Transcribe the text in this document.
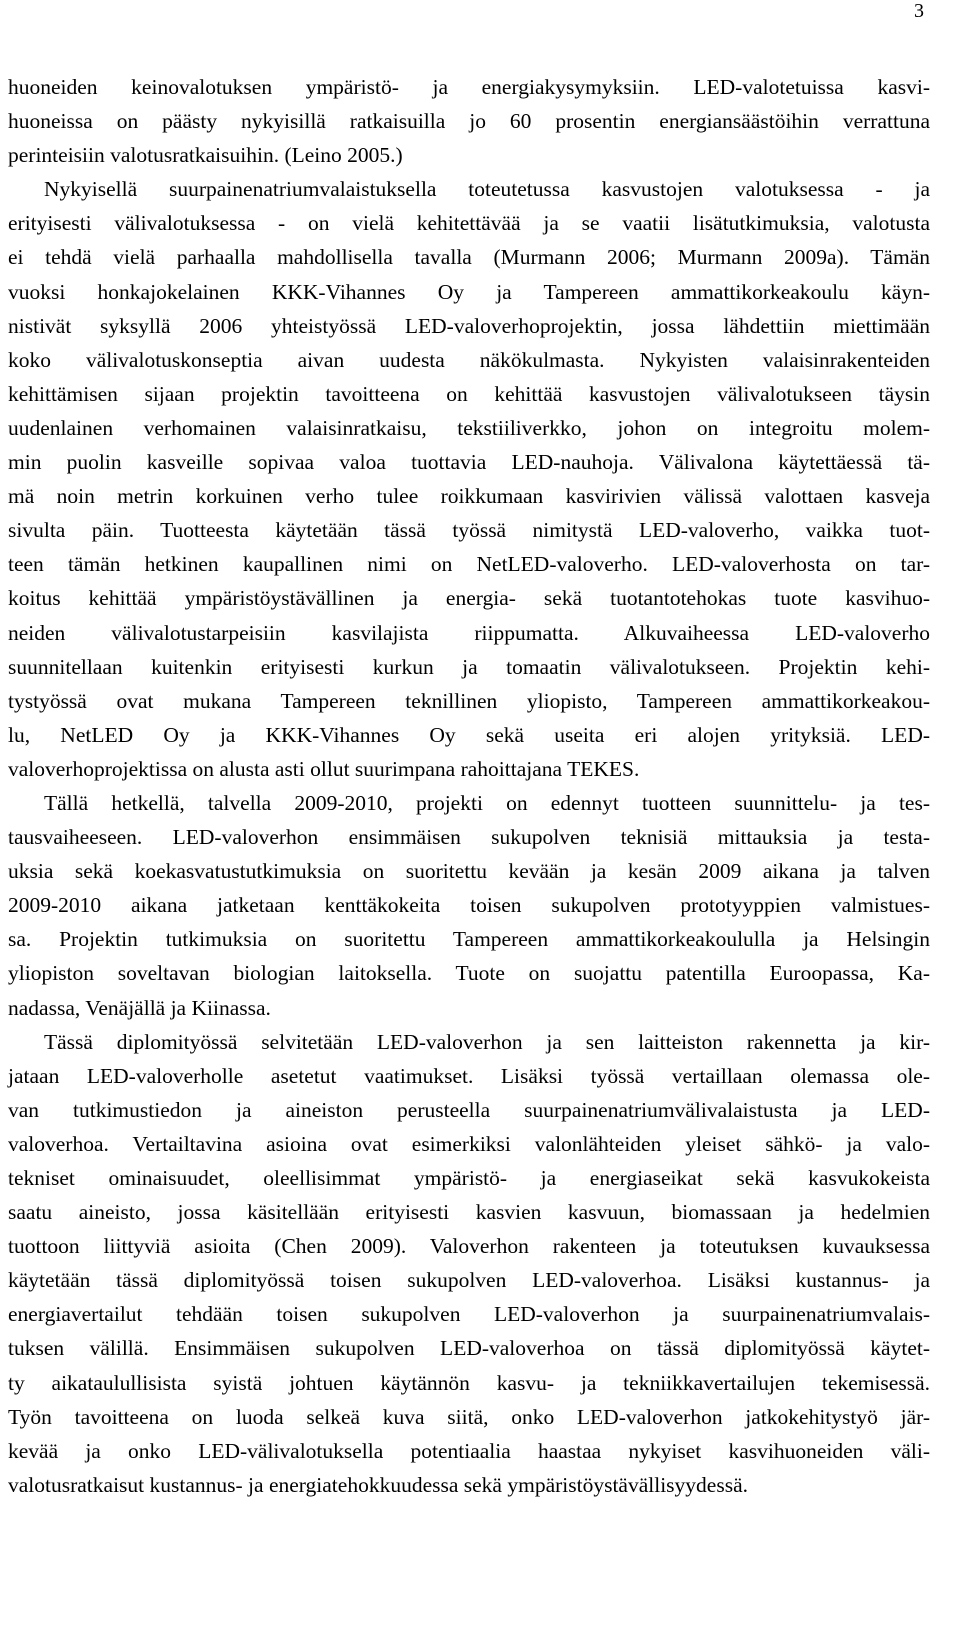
3
huoneiden keinovalotuksen ympäristö- ja energiakysymyksiin. LED-valotetuissa kasvi-
huoneissa on päästy nykyisillä ratkaisuilla jo 60 prosentin energiansäästöihin verrattuna
perinteisiin valotusratkaisuihin. (Leino 2005.)
Nykyisellä suurpainenatriumvalaistuksella toteutetussa kasvustojen valotuksessa - ja
erityisesti välivalotuksessa - on vielä kehitettävää ja se vaatii lisätutkimuksia, valotusta
ei tehdä vielä parhaalla mahdollisella tavalla (Murmann 2006; Murmann 2009a). Tämän
vuoksi honkajokelainen KKK-Vihannes Oy ja Tampereen ammattikorkeakoulu käyn-
nistivät syksyllä 2006 yhteistyössä LED-valoverhoprojektin, jossa lähdettiin miettimään
koko välivalotuskonseptia aivan uudesta näkökulmasta. Nykyisten valaisinrakenteiden
kehittämisen sijaan projektin tavoitteena on kehittää kasvustojen välivalotukseen täysin
uudenlainen verhomainen valaisinratkaisu, tekstiiliverkko, johon on integroitu molem-
min puolin kasveille sopivaa valoa tuottavia LED-nauhoja. Välivalona käytettäessä tä-
mä noin metrin korkuinen verho tulee roikkumaan kasvirivien välissä valottaen kasveja
sivulta päin. Tuotteesta käytetään tässä työssä nimitystä LED-valoverho, vaikka tuot-
teen tämän hetkinen kaupallinen nimi on NetLED-valoverho. LED-valoverhosta on tar-
koitus kehittää ympäristöystävällinen ja energia- sekä tuotantotehokas tuote kasvihuo-
neiden välivalotustarpeisiin kasvilajista riippumatta. Alkuvaiheessa LED-valoverho
suunnitellaan kuitenkin erityisesti kurkun ja tomaatin välivalotukseen. Projektin kehi-
tystyössä ovat mukana Tampereen teknillinen yliopisto, Tampereen ammattikorkeakou-
lu, NetLED Oy ja KKK-Vihannes Oy sekä useita eri alojen yrityksiä. LED-
valoverhoprojektissa on alusta asti ollut suurimpana rahoittajana TEKES.
Tällä hetkellä, talvella 2009-2010, projekti on edennyt tuotteen suunnittelu- ja tes-
tausvaiheeseen. LED-valoverhon ensimmäisen sukupolven teknisiä mittauksia ja testa-
uksia sekä koekasvatustutkimuksia on suoritettu kevään ja kesän 2009 aikana ja talven
2009-2010 aikana jatketaan kenttäkokeita toisen sukupolven prototyyppien valmistues-
sa. Projektin tutkimuksia on suoritettu Tampereen ammattikorkeakoululla ja Helsingin
yliopiston soveltavan biologian laitoksella. Tuote on suojattu patentilla Euroopassa, Ka-
nadassa, Venäjällä ja Kiinassa.
Tässä diplomityössä selvitetään LED-valoverhon ja sen laitteiston rakennetta ja kir-
jataan LED-valoverholle asetetut vaatimukset. Lisäksi työssä vertaillaan olemassa ole-
van tutkimustiedon ja aineiston perusteella suurpainenatriumvälivalaistusta ja LED-
valoverhoa. Vertailtavina asioina ovat esimerkiksi valonlähteiden yleiset sähkö- ja valo-
tekniset ominaisuudet, oleellisimmat ympäristö- ja energiaseikat sekä kasvukokeista
saatu aineisto, jossa käsitellään erityisesti kasvien kasvuun, biomassaan ja hedelmien
tuottoon liittyviä asioita (Chen 2009). Valoverhon rakenteen ja toteutuksen kuvauksessa
käytetään tässä diplomityössä toisen sukupolven LED-valoverhoa. Lisäksi kustannus- ja
energiavertailut tehdään toisen sukupolven LED-valoverhon ja suurpainenatriumvalais-
tuksen välillä. Ensimmäisen sukupolven LED-valoverhoa on tässä diplomityössä käytet-
ty aikataulullisista syistä johtuen käytännön kasvu- ja tekniikkavertailujen tekemisessä.
Työn tavoitteena on luoda selkeä kuva siitä, onko LED-valoverhon jatkokehitystyö jär-
kevää ja onko LED-välivalotuksella potentiaalia haastaa nykyiset kasvihuoneiden väli-
valotusratkaisut kustannus- ja energiatehokkuudessa sekä ympäristöystävällisyydessä.
